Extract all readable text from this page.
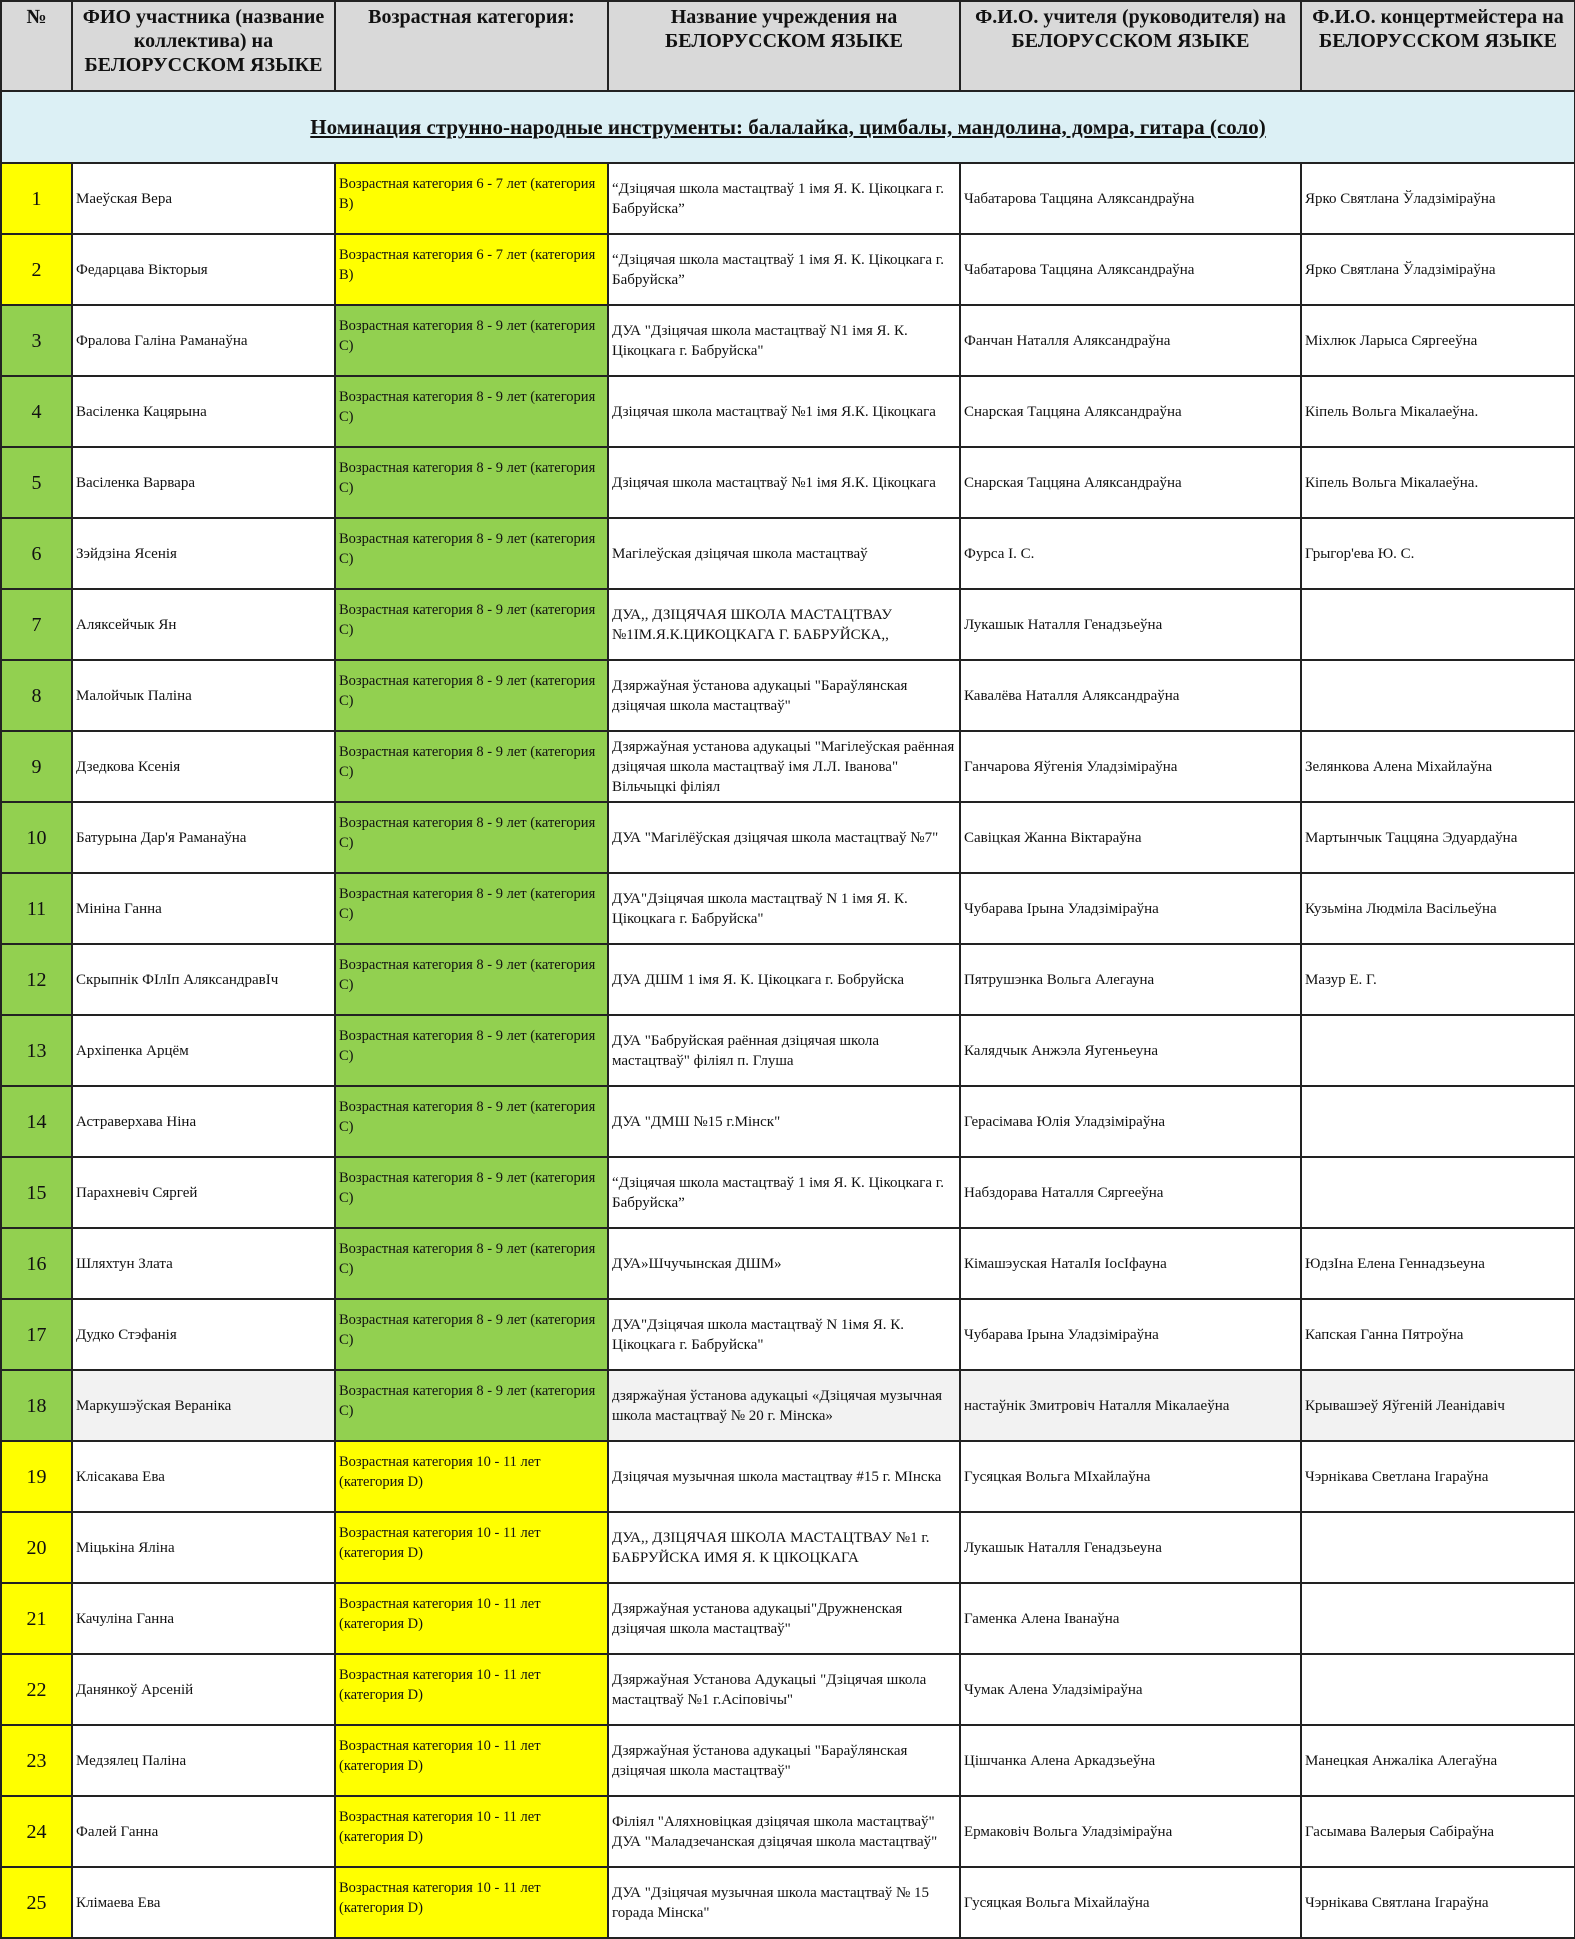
№	ФИО участника (название коллектива) на БЕЛОРУССКОМ ЯЗЫКЕ	Возрастная категория:	Название учреждения на БЕЛОРУССКОМ ЯЗЫКЕ	Ф.И.О. учителя (руководителя) на БЕЛОРУССКОМ ЯЗЫКЕ	Ф.И.О. концертмейстера на БЕЛОРУССКОМ ЯЗЫКЕ
Номинация струнно-народные инструменты: балалайка, цимбалы, мандолина, домра, гитара (соло)					
1	Маеўская Вера	Возрастная категория 6 - 7 лет (категория В)	“Дзіцячая школа мастацтваў 1 імя Я. К. Цікоцкага г. Бабруйска”	Чабатарова Таццяна Аляксандраўна	Ярко Святлана Ўладзіміраўна
2	Федарцава Вікторыя	Возрастная категория 6 - 7 лет (категория В)	“Дзіцячая школа мастацтваў 1 імя Я. К. Цікоцкага г. Бабруйска”	Чабатарова Таццяна Аляксандраўна	Ярко Святлана Ўладзіміраўна
3	Фралова Галіна Раманаўна	Возрастная категория 8 - 9 лет (категория С)	ДУА "Дзіцячая школа мастацтваў N1 імя Я. К. Цікоцкага г. Бабруйска"	Фанчан Наталля Аляксандраўна	Міхлюк Ларыса Сяргееўна
4	Васіленка Кацярына	Возрастная категория 8 - 9 лет (категория С)	Дзіцячая школа мастацтваў №1 імя Я.К. Цікоцкага	Снарская Таццяна Аляксандраўна	Кіпель Вольга Мікалаеўна.
5	Васіленка Варвара	Возрастная категория 8 - 9 лет (категория С)	Дзіцячая школа мастацтваў №1 імя Я.К. Цікоцкага	Снарская Таццяна Аляксандраўна	Кіпель Вольга Мікалаеўна.
6	Зэйдзіна Ясенія	Возрастная категория 8 - 9 лет (категория С)	Магілеўская дзіцячая школа мастацтваў	Фурса І. С.	Грыгор'ева Ю. С.
7	Аляксейчык Ян	Возрастная категория 8 - 9 лет (категория С)	ДУА,, ДЗІЦЯЧАЯ ШКОЛА МАСТАЦТВАУ №1ІМ.Я.К.ЦИКОЦКАГА Г. БАБРУЙСКА,,	Лукашык Наталля Генадзьеўна	
8	Малойчык Паліна	Возрастная категория 8 - 9 лет (категория С)	Дзяржаўная ўстанова адукацыі "Бараўлянская дзіцячая школа мастацтваў"	Кавалёва Наталля Аляксандраўна	
9	Дзедкова Ксенія	Возрастная категория 8 - 9 лет (категория С)	Дзяржаўная установа адукацыі "Магілеўская раённая дзіцячая школа мастацтваў імя Л.Л. Іванова" Вільчыцкі філіял	Ганчарова Яўгенія Уладзіміраўна	Зелянкова Алена Міхайлаўна
10	Батурына Дар'я Раманаўна	Возрастная категория 8 - 9 лет (категория С)	ДУА "Магілёўская дзіцячая школа мастацтваў №7"	Савіцкая Жанна Віктараўна	Мартынчык Таццяна Эдуардаўна
11	Мініна Ганна	Возрастная категория 8 - 9 лет (категория С)	ДУА"Дзіцячая школа мастацтваў N 1 імя Я. К. Цікоцкага г. Бабруйска"	Чубарава Ірына Уладзіміраўна	Кузьміна Людміла Васільеўна
12	Скрыпнік ФІлІп АляксандравІч	Возрастная категория 8 - 9 лет (категория С)	ДУА ДШМ 1 імя Я. К. Цікоцкага г. Бобруйска	Пятрушэнка Вольга Алегауна	Мазур Е. Г.
13	Архіпенка Арцём	Возрастная категория 8 - 9 лет (категория С)	ДУА "Бабруйская раённая дзіцячая школа мастацтваў" філіял п. Глуша	Калядчык Анжэла Яугеньеуна	
14	Астраверхава Ніна	Возрастная категория 8 - 9 лет (категория С)	ДУА "ДМШ №15 г.Мінск"	Герасімава Юлія Уладзіміраўна	
15	Парахневіч Сяргей	Возрастная категория 8 - 9 лет (категория С)	“Дзіцячая школа мастацтваў 1 імя Я. К. Цікоцкага г. Бабруйска”	Набздорава Наталля Сяргееўна	
16	Шляхтун Злата	Возрастная категория 8 - 9 лет (категория С)	ДУА»Шчучынская ДШМ»	Кімашэуская НаталІя ІосІфауна	ЮдзІна Елена Геннадзьеуна
17	Дудко Стэфанія	Возрастная категория 8 - 9 лет (категория С)	ДУА"Дзіцячая школа мастацтваў N 1імя Я. К. Цікоцкага г. Бабруйска"	Чубарава Ірына Уладзіміраўна	Капская Ганна Пятроўна
18	Маркушэўская Вераніка	Возрастная категория 8 - 9 лет (категория С)	дзяржаўная ўстанова адукацыі «Дзіцячая музычная школа мастацтваў № 20 г. Мінска»	настаўнік Змитровіч Наталля Мікалаеўна	Крывашэеў Яўгеній Леанідавіч
19	Клісакава Ева	Возрастная категория 10 - 11 лет (категория D)	Дзіцячая музычная школа мастацтвау #15 г. МІнска	Гусяцкая Вольга МІхайлаўна	Чэрнікава Светлана Ігараўна
20	Міцькіна Яліна	Возрастная категория 10 - 11 лет (категория D)	ДУА,, ДЗІЦЯЧАЯ ШКОЛА МАСТАЦТВАУ №1 г. БАБРУЙСКА ИМЯ Я. К ЦІКОЦКАГА	Лукашык Наталля Генадзьеуна	
21	Качуліна Ганна	Возрастная категория 10 - 11 лет (категория D)	Дзяржаўная установа адукацыі"Дружненская дзіцячая школа мастацтваў"	Гаменка Алена Іванаўна	
22	Данянкоў Арсеній	Возрастная категория 10 - 11 лет (категория D)	Дзяржаўная Установа Адукацыі "Дзіцячая школа мастацтваў №1 г.Асіповічы"	Чумак Алена Уладзіміраўна	
23	Медзялец Паліна	Возрастная категория 10 - 11 лет (категория D)	Дзяржаўная ўстанова адукацыі "Бараўлянская дзіцячая школа мастацтваў"	Цішчанка Алена Аркадзьеўна	Манецкая Анжаліка Алегаўна
24	Фалей Ганна	Возрастная категория 10 - 11 лет (категория D)	Філіял "Аляхновіцкая дзіцячая школа мастацтваў" ДУА "Маладзечанская дзіцячая школа мастацтваў"	Ермаковіч Вольга Уладзіміраўна	Гасымава Валерыя Сабіраўна
25	Клімаева Ева	Возрастная категория 10 - 11 лет (категория D)	ДУА "Дзіцячая музычная школа мастацтваў № 15 горада Мінска"	Гусяцкая Вольга Міхайлаўна	Чэрнікава Святлана Ігараўна
